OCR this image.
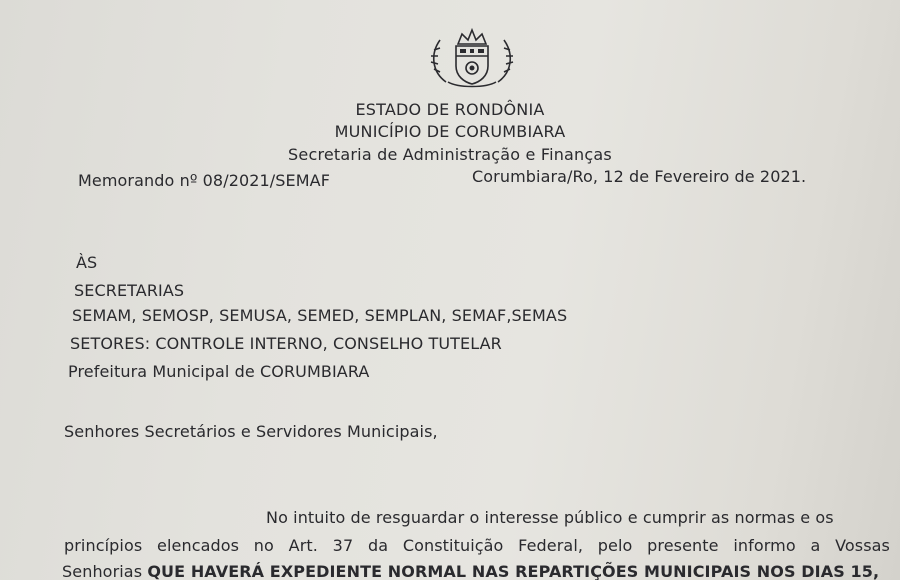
ESTADO DE RONDÔNIA
MUNICÍPIO DE CORUMBIARA
Secretaria de Administração e Finanças
Memorando nº 08/2021/SEMAF	Corumbiara/Ro, 12 de Fevereiro de 2021.
ÀS
SECRETARIAS
SEMAM, SEMOSP, SEMUSA, SEMED, SEMPLAN, SEMAF,SEMAS
SETORES: CONTROLE INTERNO, CONSELHO TUTELAR
Prefeitura Municipal de CORUMBIARA
Senhores Secretários e Servidores Municipais,
No intuito de resguardar o interesse público e cumprir as normas e os
princípios elencados no Art. 37 da Constituição Federal, pelo presente informo a Vossas
Senhorias QUE HAVERÁ EXPEDIENTE NORMAL NAS REPARTIÇÕES MUNICIPAIS NOS DIAS 15,
